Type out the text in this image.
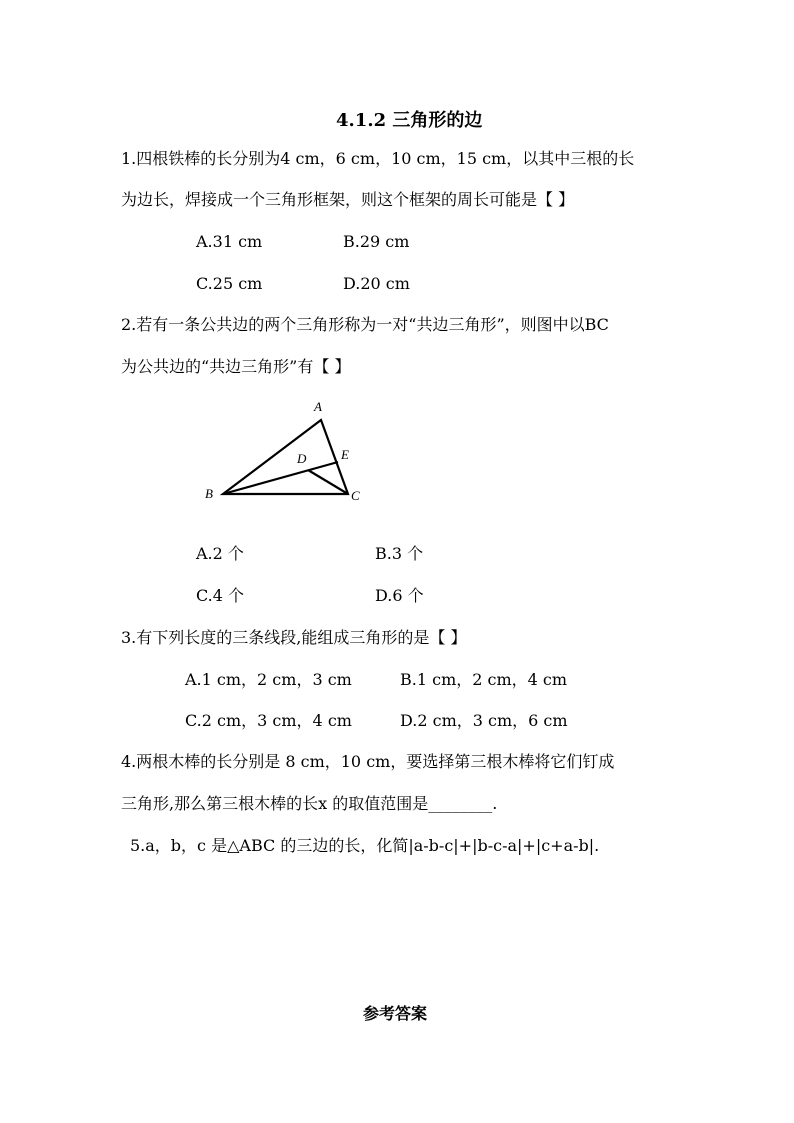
4.1.2 三角形的边
1.四根铁棒的长分别为4 cm，6 cm，10 cm，15 cm，以其中三根的长
为边长，焊接成一个三角形框架，则这个框架的周长可能是【 】
A.31 cm	B.29 cm
C.25 cm	D.20 cm
2.若有一条公共边的两个三角形称为一对“共边三角形”，则图中以BC
为公共边的“共边三角形”有【 】
A
B	C
D	E
A.2 个	B.3 个
C.4 个	D.6 个
3.有下列长度的三条线段,能组成三角形的是【 】
A.1 cm，2 cm，3 cm	B.1 cm，2 cm，4 cm
C.2 cm，3 cm，4 cm	D.2 cm，3 cm，6 cm
4.两根木棒的长分别是 8 cm，10 cm，要选择第三根木棒将它们钉成
三角形,那么第三根木棒的长x 的取值范围是________.
5.a，b，c 是△ABC 的三边的长，化简|a-b-c|+|b-c-a|+|c+a-b|.
参考答案
